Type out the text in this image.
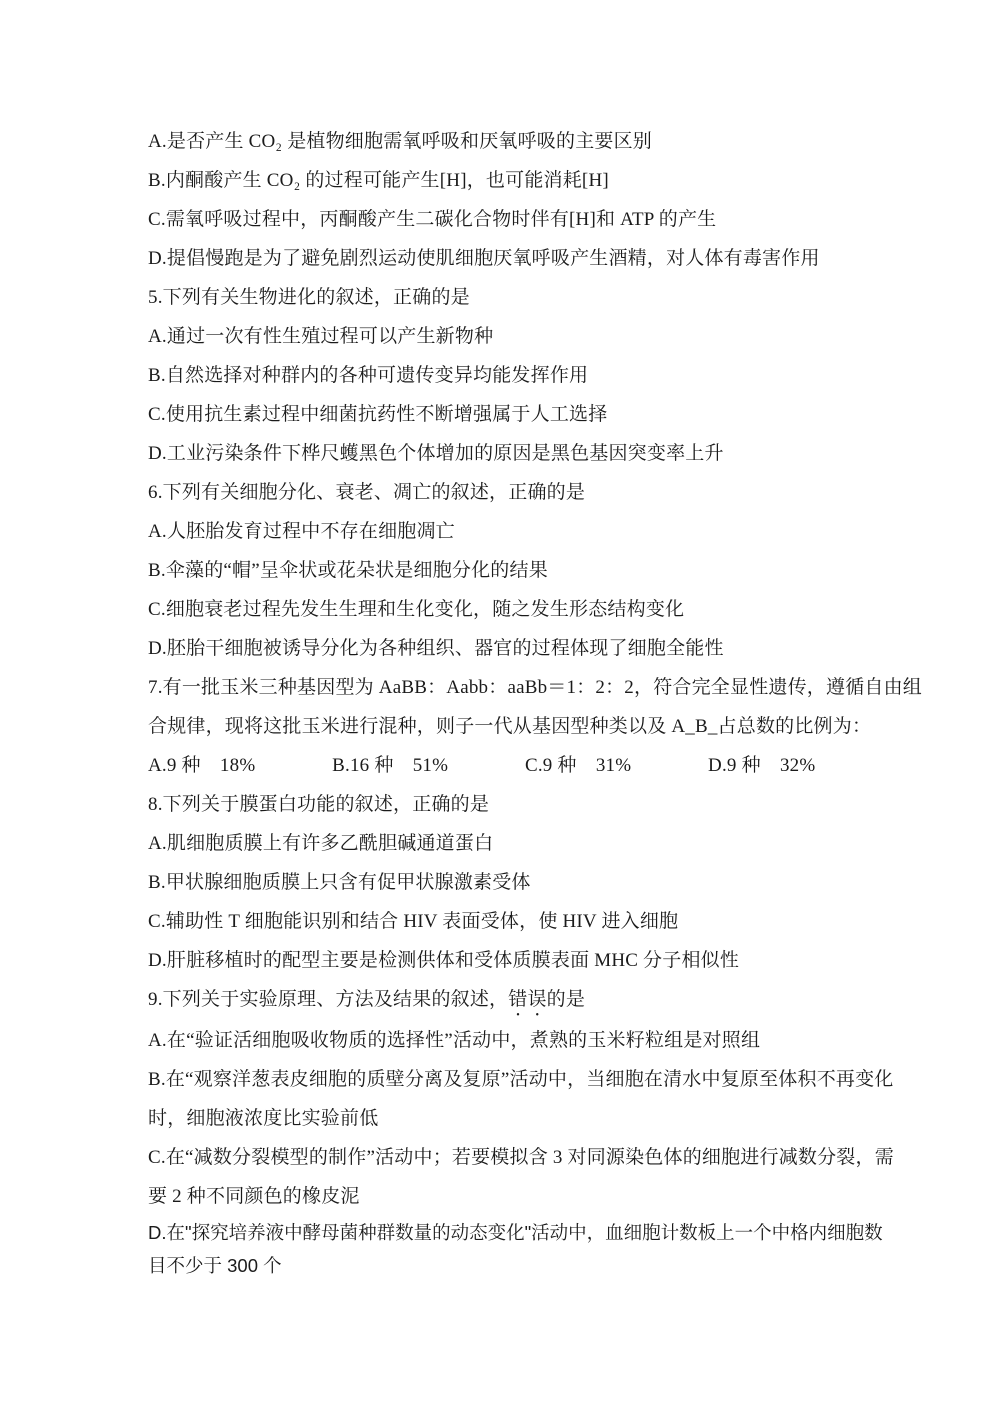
A.是否产生 CO₂ 是植物细胞需氧呼吸和厌氧呼吸的主要区别

B.内酮酸产生 CO₂ 的过程可能产生[H]，也可能消耗[H]

C.需氧呼吸过程中，丙酮酸产生二碳化合物时伴有[H]和 ATP 的产生

D.提倡慢跑是为了避免剧烈运动使肌细胞厌氧呼吸产生酒精，对人体有毒害作用

5.下列有关生物进化的叙述，正确的是

A.通过一次有性生殖过程可以产生新物种

B.自然选择对种群内的各种可遗传变异均能发挥作用

C.使用抗生素过程中细菌抗药性不断增强属于人工选择

D.工业污染条件下桦尺蠖黑色个体增加的原因是黑色基因突变率上升

6.下列有关细胞分化、衰老、凋亡的叙述，正确的是

A.人胚胎发育过程中不存在细胞凋亡

B.伞藻的“帽”呈伞状或花朵状是细胞分化的结果

C.细胞衰老过程先发生生理和生化变化，随之发生形态结构变化

D.胚胎干细胞被诱导分化为各种组织、器官的过程体现了细胞全能性

7.有一批玉米三种基因型为 AaBB：Aabb：aaBb＝1：2：2，符合完全显性遗传，遵循自由组

合规律，现将这批玉米进行混种，则子一代从基因型种类以及 A_B_占总数的比例为：

A.9 种　18%　　　　B.16 种　51%　　　　C.9 种　31%　　　　D.9 种　32%

8.下列关于膜蛋白功能的叙述，正确的是

A.肌细胞质膜上有许多乙酰胆碱通道蛋白

B.甲状腺细胞质膜上只含有促甲状腺激素受体

C.辅助性 T 细胞能识别和结合 HIV 表面受体，使 HIV 进入细胞

D.肝脏移植时的配型主要是检测供体和受体质膜表面 MHC 分子相似性

9.下列关于实验原理、方法及结果的叙述，错误的是

A.在“验证活细胞吸收物质的选择性”活动中，煮熟的玉米籽粒组是对照组

B.在“观察洋葱表皮细胞的质壁分离及复原”活动中，当细胞在清水中复原至体积不再变化

时，细胞液浓度比实验前低

C.在“减数分裂模型的制作”活动中；若要模拟含 3 对同源染色体的细胞进行减数分裂，需

要 2 种不同颜色的橡皮泥

D.在"探究培养液中酵母菌种群数量的动态变化"活动中，血细胞计数板上一个中格内细胞数

目不少于 300 个
